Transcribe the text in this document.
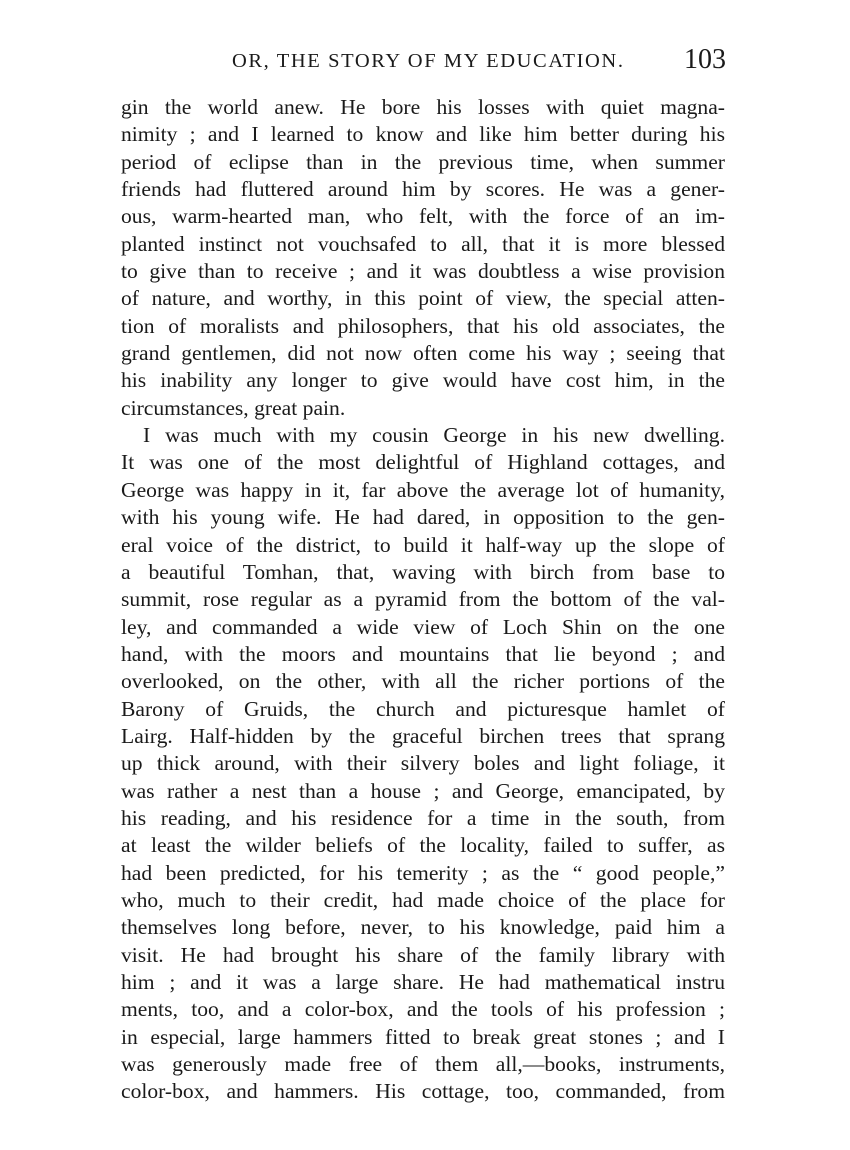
OR, THE STORY OF MY EDUCATION. 103
gin the world anew. He bore his losses with quiet magna-
nimity ; and I learned to know and like him better during his
period of eclipse than in the previous time, when summer
friends had fluttered around him by scores. He was a gener-
ous, warm-hearted man, who felt, with the force of an im-
planted instinct not vouchsafed to all, that it is more blessed
to give than to receive ; and it was doubtless a wise provision
of nature, and worthy, in this point of view, the special atten-
tion of moralists and philosophers, that his old associates, the
grand gentlemen, did not now often come his way ; seeing that
his inability any longer to give would have cost him, in the
circumstances, great pain.
I was much with my cousin George in his new dwelling.
It was one of the most delightful of Highland cottages, and
George was happy in it, far above the average lot of humanity,
with his young wife. He had dared, in opposition to the gen-
eral voice of the district, to build it half-way up the slope of
a beautiful Tomhan, that, waving with birch from base to
summit, rose regular as a pyramid from the bottom of the val-
ley, and commanded a wide view of Loch Shin on the one
hand, with the moors and mountains that lie beyond ; and
overlooked, on the other, with all the richer portions of the
Barony of Gruids, the church and picturesque hamlet of
Lairg. Half-hidden by the graceful birchen trees that sprang
up thick around, with their silvery boles and light foliage, it
was rather a nest than a house ; and George, emancipated, by
his reading, and his residence for a time in the south, from
at least the wilder beliefs of the locality, failed to suffer, as
had been predicted, for his temerity ; as the “ good people,”
who, much to their credit, had made choice of the place for
themselves long before, never, to his knowledge, paid him a
visit. He had brought his share of the family library with
him ; and it was a large share. He had mathematical instru
ments, too, and a color-box, and the tools of his profession ;
in especial, large hammers fitted to break great stones ; and I
was generously made free of them all,—books, instruments,
color-box, and hammers. His cottage, too, commanded, from
